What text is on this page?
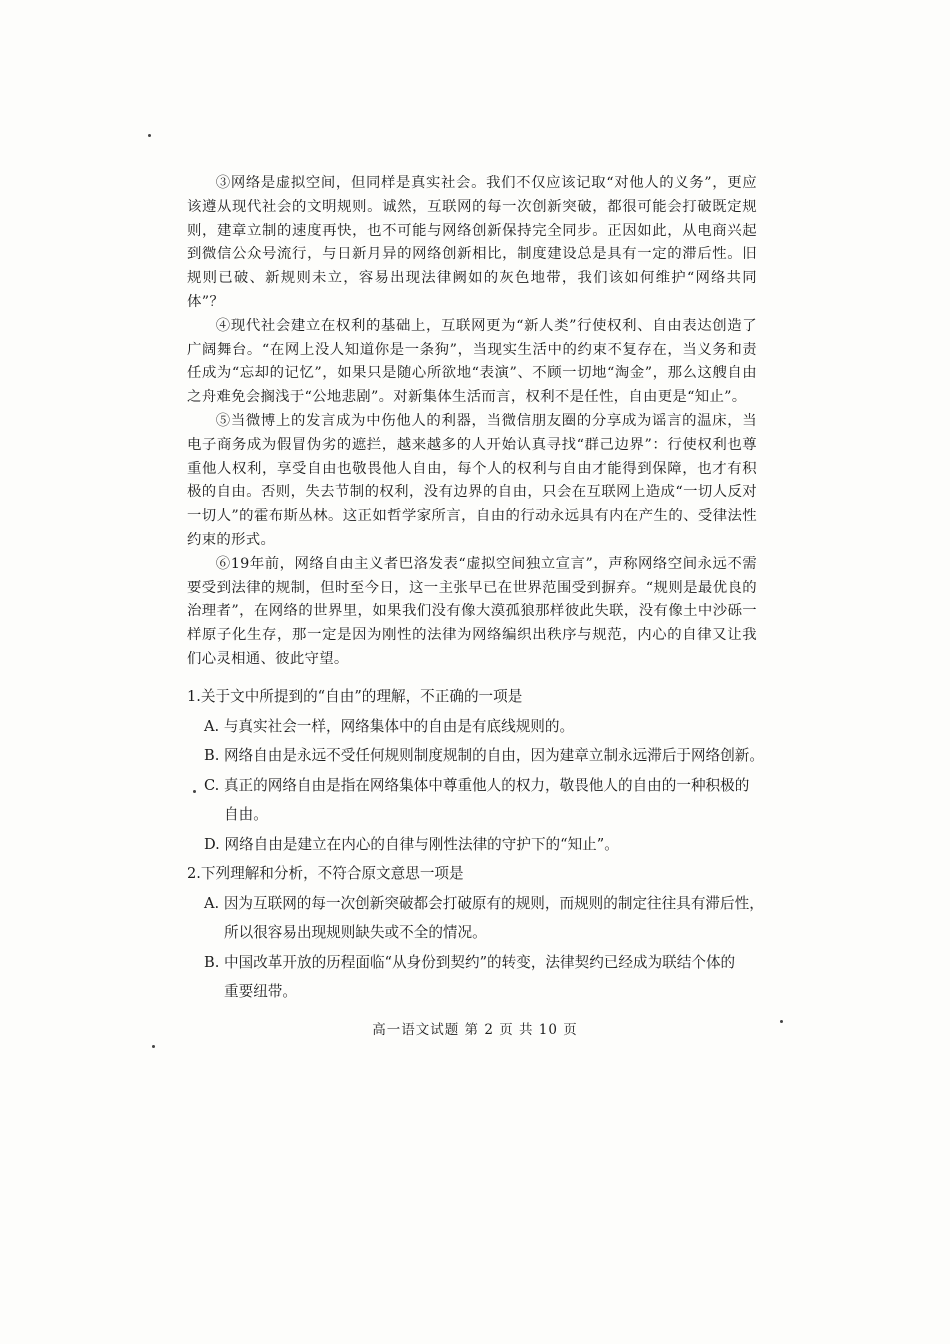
③网络是虚拟空间，但同样是真实社会。我们不仅应该记取“对他人的义务”，更应该遵从现代社会的文明规则。诚然，互联网的每一次创新突破，都很可能会打破既定规则，建章立制的速度再快，也不可能与网络创新保持完全同步。正因如此，从电商兴起到微信公众号流行，与日新月异的网络创新相比，制度建设总是具有一定的滞后性。旧规则已破、新规则未立，容易出现法律阙如的灰色地带，我们该如何维护“网络共同体”？

④现代社会建立在权利的基础上，互联网更为“新人类”行使权利、自由表达创造了广阔舞台。“在网上没人知道你是一条狗”，当现实生活中的约束不复存在，当义务和责任成为“忘却的记忆”，如果只是随心所欲地“表演”、不顾一切地“淘金”，那么这艘自由之舟难免会搁浅于“公地悲剧”。对新集体生活而言，权利不是任性，自由更是“知止”。

⑤当微博上的发言成为中伤他人的利器，当微信朋友圈的分享成为谣言的温床，当电子商务成为假冒伪劣的遮拦，越来越多的人开始认真寻找“群己边界”：行使权利也尊重他人权利，享受自由也敬畏他人自由，每个人的权利与自由才能得到保障，也才有积极的自由。否则，失去节制的权利，没有边界的自由，只会在互联网上造成“一切人反对一切人”的霍布斯丛林。这正如哲学家所言，自由的行动永远具有内在产生的、受律法性约束的形式。

⑥19年前，网络自由主义者巴洛发表“虚拟空间独立宣言”，声称网络空间永远不需要受到法律的规制，但时至今日，这一主张早已在世界范围受到摒弃。“规则是最优良的治理者”，在网络的世界里，如果我们没有像大漠孤狼那样彼此失联，没有像土中沙砾一样原子化生存，那一定是因为刚性的法律为网络编织出秩序与规范，内心的自律又让我们心灵相通、彼此守望。

1.关于文中所提到的“自由”的理解，不正确的一项是

A. 与真实社会一样，网络集体中的自由是有底线规则的。

B. 网络自由是永远不受任何规则制度规制的自由，因为建章立制永远滞后于网络创新。

C. 真正的网络自由是指在网络集体中尊重他人的权力，敬畏他人的自由的一种积极的
自由。

D. 网络自由是建立在内心的自律与刚性法律的守护下的“知止”。

2.下列理解和分析，不符合原文意思一项是

A. 因为互联网的每一次创新突破都会打破原有的规则，而规则的制定往往具有滞后性，
所以很容易出现规则缺失或不全的情况。

B. 中国改革开放的历程面临“从身份到契约”的转变，法律契约已经成为联结个体的
重要纽带。

高一语文试题 第 2 页 共 10 页
